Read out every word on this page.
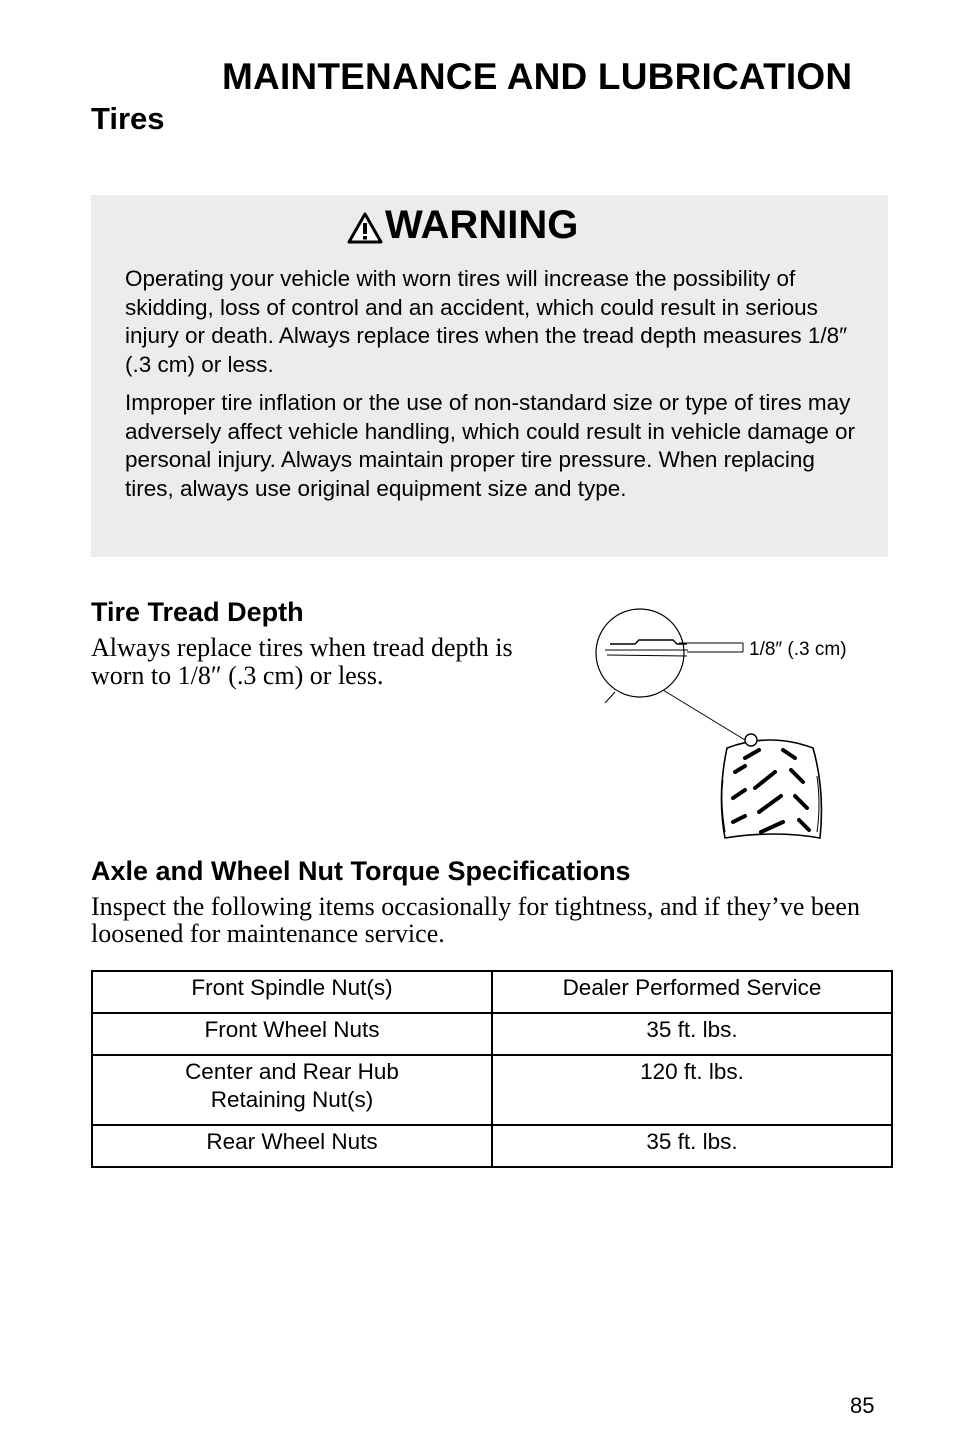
MAINTENANCE AND LUBRICATION
Tires
WARNING

Operating your vehicle with worn tires will increase the possibility of skidding, loss of control and an accident, which could result in serious injury or death. Always replace tires when the tread depth measures 1/8″ (.3 cm) or less.

Improper tire inflation or the use of non-standard size or type of tires may adversely affect vehicle handling, which could result in vehicle damage or personal injury. Always maintain proper tire pressure. When replacing tires, always use original equipment size and type.

Tire Tread Depth

Always replace tires when tread depth is worn to 1/8″ (.3 cm) or less.

1/8″ (.3 cm)
Axle and Wheel Nut Torque Specifications

Inspect the following items occasionally for tightness, and if they’ve been loosened for maintenance service.

Front Spindle Nut(s)	Dealer Performed Service
Front Wheel Nuts	35 ft. lbs.
Center and Rear Hub
Retaining Nut(s)	120 ft. lbs.
Rear Wheel Nuts	35 ft. lbs.

85
